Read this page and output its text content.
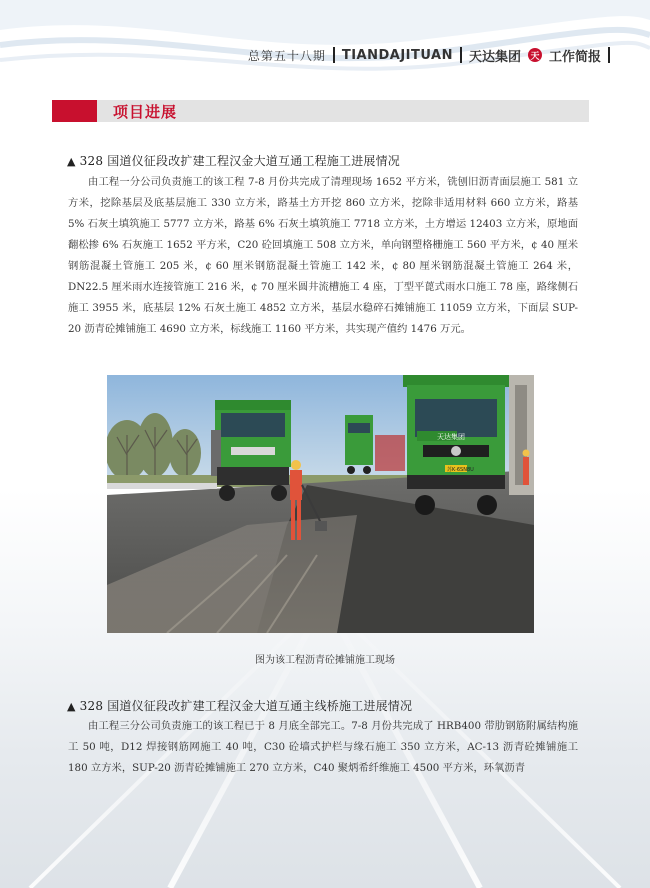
总第五十八期 TIANDAJITUAN 天达集团 天 工作简报
项目进展
▲ 328 国道仪征段改扩建工程汉金大道互通工程施工进展情况

由工程一分公司负责施工的该工程 7-8 月份共完成了清理现场 1652 平方米，铣刨旧沥青面层施工 581 立方米，挖除基层及底基层施工 330 立方米，路基土方开挖 860 立方米，挖除非适用材料 660 立方米，路基 5% 石灰土填筑施工 5777 立方米，路基 6% 石灰土填筑施工 7718 立方米，土方增运 12403 立方米，原地面翻松掺 6% 石灰施工 1652 平方米，C20 砼回填施工 508 立方米，单向钢塑格栅施工 560 平方米，¢ 40 厘米钢筋混凝土管施工 205 米，¢ 60 厘米钢筋混凝土管施工 142 米，¢ 80 厘米钢筋混凝土管施工 264 米，DN22.5 厘米雨水连接管施工 216 米，¢ 70 厘米圆井流槽施工 4 座，丁型平蓖式雨水口施工 78 座，路缘侧石施工 3955 米，底基层 12% 石灰土施工 4852 立方米，基层水稳碎石摊铺施工 11059 立方米，下面层 SUP-20 沥青砼摊铺施工 4690 立方米，标线施工 1160 平方米，共实现产值约 1476 万元。

天达集团
苏K·6SN8U
图为该工程沥青砼摊铺施工现场
▲ 328 国道仪征段改扩建工程汉金大道互通主线桥施工进展情况

由工程三分公司负责施工的该工程已于 8 月底全部完工。7-8 月份共完成了 HRB400 带肋钢筋附属结构施工 50 吨，D12 焊接钢筋网施工 40 吨，C30 砼墙式护栏与缘石施工 350 立方米，AC-13 沥青砼摊铺施工 180 立方米，SUP-20 沥青砼摊铺施工 270 立方米，C40 聚炳希纤维施工 4500 平方米，环氧沥青
